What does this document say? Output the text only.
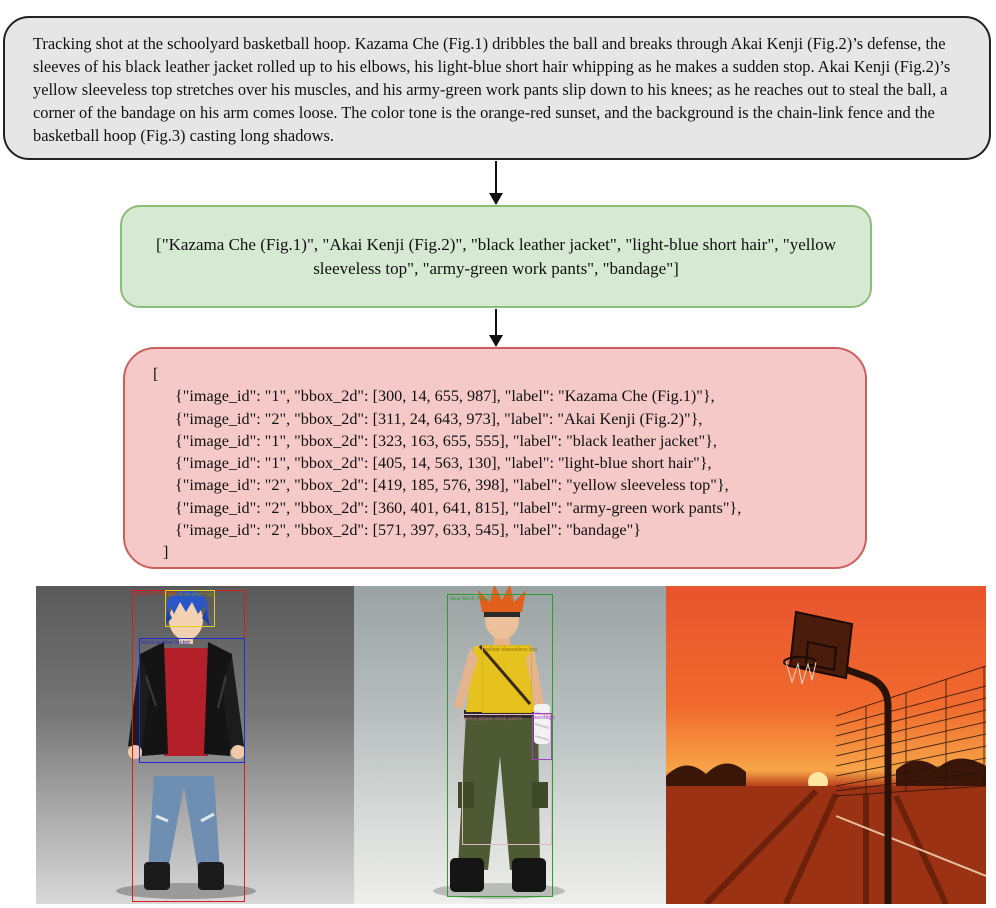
Tracking shot at the schoolyard basketball hoop. Kazama Che (Fig.1) dribbles the ball and breaks through Akai Kenji (Fig.2)’s defense, the sleeves of his black leather jacket rolled up to his elbows, his light-blue short hair whipping as he makes a sudden stop. Akai Kenji (Fig.2)’s yellow sleeveless top stretches over his muscles, and his army-green work pants slip down to his knees; as he reaches out to steal the ball, a corner of the bandage on his arm comes loose. The color tone is the orange-red sunset, and the background is the chain-link fence and the basketball hoop (Fig.3) casting long shadows.
["Kazama Che (Fig.1)", "Akai Kenji (Fig.2)", "black leather jacket", "light-blue short hair", "yellow sleeveless top", "army-green work pants", "bandage"]
[
{"image_id": "1", "bbox_2d": [300, 14, 655, 987], "label": "Kazama Che (Fig.1)"},
{"image_id": "2", "bbox_2d": [311, 24, 643, 973], "label": "Akai Kenji (Fig.2)"},
{"image_id": "1", "bbox_2d": [323, 163, 655, 555], "label": "black leather jacket"},
{"image_id": "1", "bbox_2d": [405, 14, 563, 130], "label": "light-blue short hair"},
{"image_id": "2", "bbox_2d": [419, 185, 576, 398], "label": "yellow sleeveless top"},
{"image_id": "2", "bbox_2d": [360, 401, 641, 815], "label": "army-green work pants"},
{"image_id": "2", "bbox_2d": [571, 397, 633, 545], "label": "bandage"}
]
Kazama Che (Fig.1)
light-blue short hair
black leather jacket
Akai Kenji (Fig.2)
yellow sleeveless top
army-green work pants bandage
